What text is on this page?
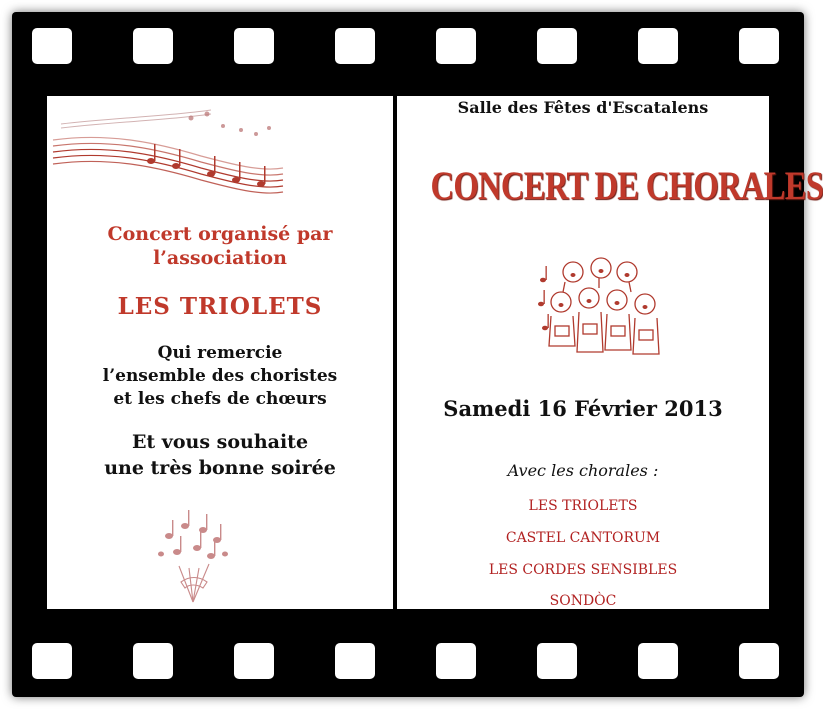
Concert organisé par
l’association
LES TRIOLETS
Qui remercie
l’ensemble des choristes
et les chefs de chœurs
Et vous souhaite
une très bonne soirée
Salle des Fêtes d'Escatalens
CONCERT DE CHORALES
Samedi 16 Février 2013
Avec les chorales :
LES TRIOLETS
CASTEL CANTORUM
LES CORDES SENSIBLES
SONDÒC
